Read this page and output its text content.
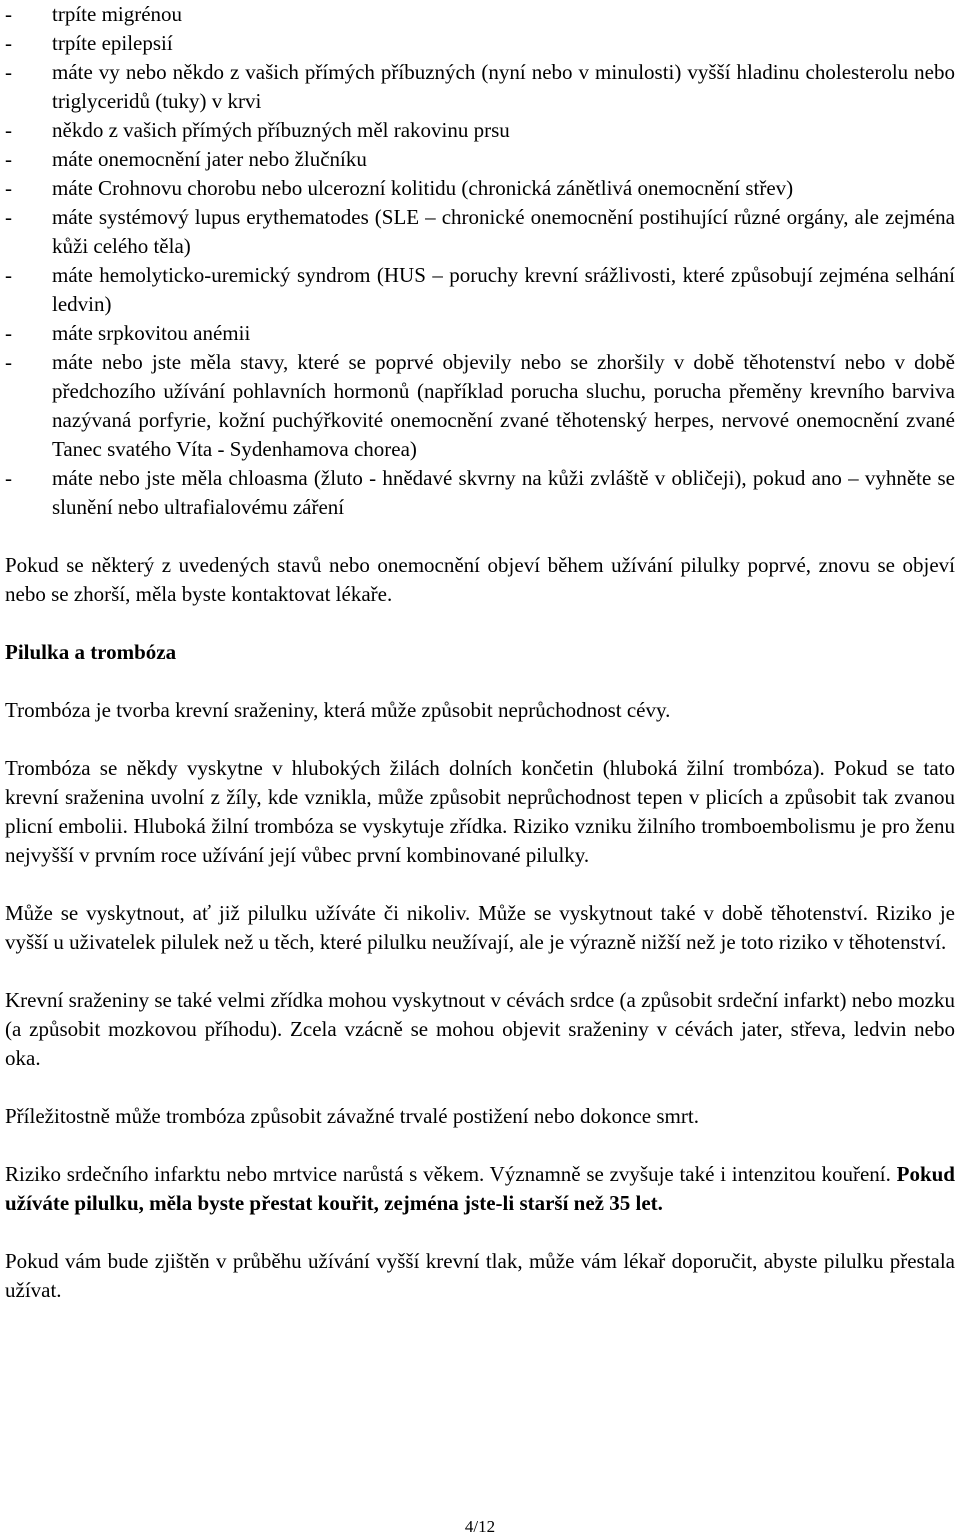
- trpíte migrénou
- trpíte epilepsií
- máte vy nebo někdo z vašich přímých příbuzných (nyní nebo v minulosti) vyšší hladinu cholesterolu nebo triglyceridů (tuky) v krvi
- někdo z vašich přímých příbuzných měl rakovinu prsu
- máte onemocnění jater nebo žlučníku
- máte Crohnovu chorobu nebo ulcerozní kolitidu (chronická zánětlivá onemocnění střev)
- máte systémový lupus erythematodes (SLE – chronické onemocnění postihující různé orgány, ale zejména kůži celého těla)
- máte hemolyticko-uremický syndrom (HUS – poruchy krevní srážlivosti, které způsobují zejména selhání ledvin)
- máte srpkovitou anémii
- máte nebo jste měla stavy, které se poprvé objevily nebo se zhoršily v době těhotenství nebo v době předchozího užívání pohlavních hormonů (například porucha sluchu, porucha přeměny krevního barviva nazývaná porfyrie, kožní puchýřkovité onemocnění zvané těhotenský herpes, nervové onemocnění zvané Tanec svatého Víta - Sydenhamova chorea)
- máte nebo jste měla chloasma (žluto - hnědavé skvrny na kůži zvláště v obličeji), pokud ano – vyhněte se slunění nebo ultrafialovému záření

Pokud se některý z uvedených stavů nebo onemocnění objeví během užívání pilulky poprvé, znovu se objeví nebo se zhorší, měla byste kontaktovat lékaře.

Pilulka a trombóza

Trombóza je tvorba krevní sraženiny, která může způsobit neprůchodnost cévy.

Trombóza se někdy vyskytne v hlubokých žilách dolních končetin (hluboká žilní trombóza). Pokud se tato krevní sraženina uvolní z žíly, kde vznikla, může způsobit neprůchodnost tepen v plicích a způsobit tak zvanou plicní embolii. Hluboká žilní trombóza se vyskytuje zřídka. Riziko vzniku žilního tromboembolismu je pro ženu nejvyšší v prvním roce užívání její vůbec první kombinované pilulky.

Může se vyskytnout, ať již pilulku užíváte či nikoliv. Může se vyskytnout také v době těhotenství. Riziko je vyšší u uživatelek pilulek než u těch, které pilulku neužívají, ale je výrazně nižší než je toto riziko v těhotenství.

Krevní sraženiny se také velmi zřídka mohou vyskytnout v cévách srdce (a způsobit srdeční infarkt) nebo mozku (a způsobit mozkovou příhodu). Zcela vzácně se mohou objevit sraženiny v cévách jater, střeva, ledvin nebo oka.

Příležitostně může trombóza způsobit závažné trvalé postižení nebo dokonce smrt.

Riziko srdečního infarktu nebo mrtvice narůstá s věkem. Významně se zvyšuje také i intenzitou kouření. Pokud užíváte pilulku, měla byste přestat kouřit, zejména jste-li starší než 35 let.

Pokud vám bude zjištěn v průběhu užívání vyšší krevní tlak, může vám lékař doporučit, abyste pilulku přestala užívat.

4/12
